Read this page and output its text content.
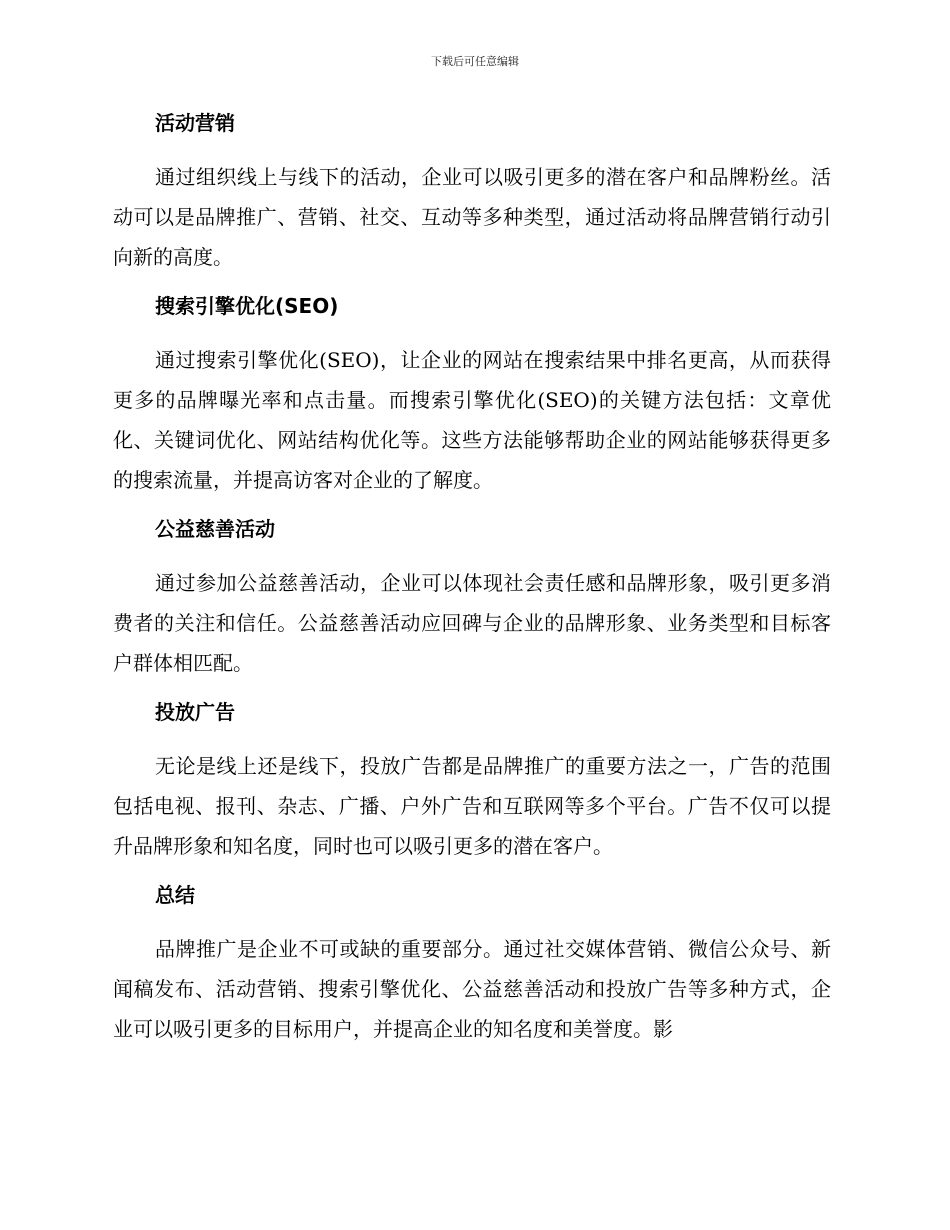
下载后可任意编辑
活动营销

通过组织线上与线下的活动，企业可以吸引更多的潜在客户和品牌粉丝。活动可以是品牌推广、营销、社交、互动等多种类型，通过活动将品牌营销行动引向新的高度。

搜索引擎优化(SEO)

通过搜索引擎优化(SEO)，让企业的网站在搜索结果中排名更高，从而获得更多的品牌曝光率和点击量。而搜索引擎优化(SEO)的关键方法包括：文章优化、关键词优化、网站结构优化等。这些方法能够帮助企业的网站能够获得更多的搜索流量，并提高访客对企业的了解度。

公益慈善活动

通过参加公益慈善活动，企业可以体现社会责任感和品牌形象，吸引更多消费者的关注和信任。公益慈善活动应回碑与企业的品牌形象、业务类型和目标客户群体相匹配。

投放广告

无论是线上还是线下，投放广告都是品牌推广的重要方法之一，广告的范围包括电视、报刊、杂志、广播、户外广告和互联网等多个平台。广告不仅可以提升品牌形象和知名度，同时也可以吸引更多的潜在客户。

总结

品牌推广是企业不可或缺的重要部分。通过社交媒体营销、微信公众号、新闻稿发布、活动营销、搜索引擎优化、公益慈善活动和投放广告等多种方式，企业可以吸引更多的目标用户，并提高企业的知名度和美誉度。影
